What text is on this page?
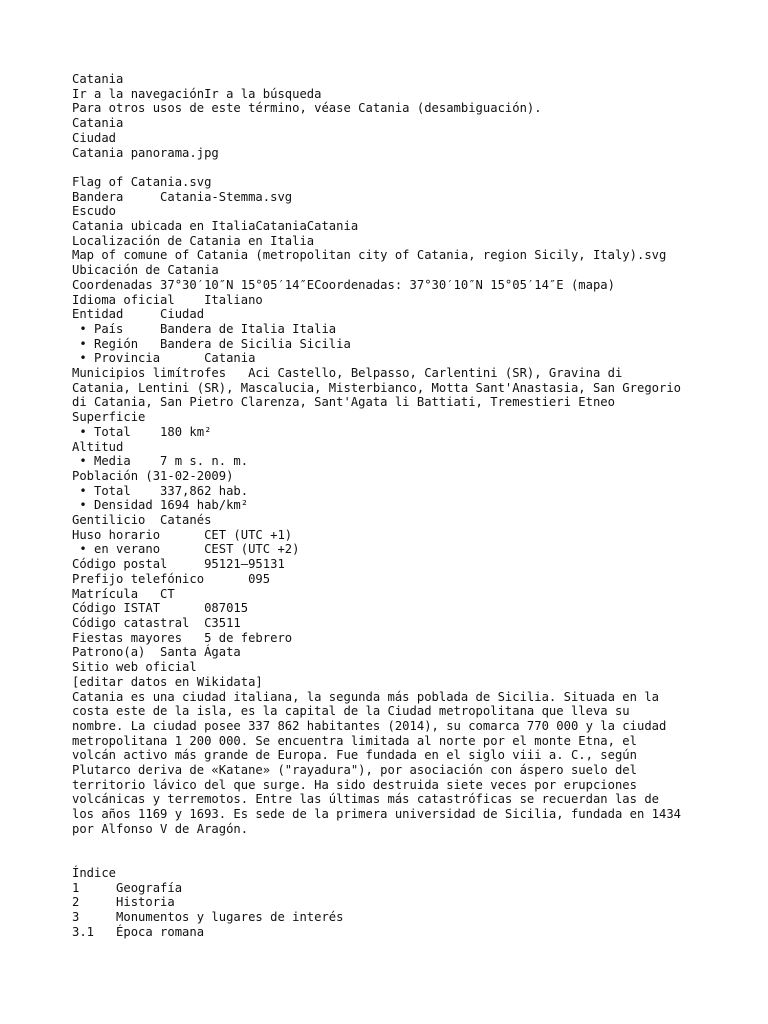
Catania
Ir a la navegaciónIr a la búsqueda
Para otros usos de este término, véase Catania (desambiguación).
Catania
Ciudad
Catania panorama.jpg
Flag of Catania.svg
Bandera     Catania-Stemma.svg
Escudo
Catania ubicada en ItaliaCataniaCatania
Localización de Catania en Italia
Map of comune of Catania (metropolitan city of Catania, region Sicily, Italy).svg
Ubicación de Catania
Coordenadas 37°30′10″N 15°05′14″ECoordenadas: 37°30′10″N 15°05′14″E (mapa)
Idioma oficial    Italiano
Entidad     Ciudad
• País     Bandera de Italia Italia
• Región   Bandera de Sicilia Sicilia
• Provincia      Catania
Municipios limítrofes   Aci Castello, Belpasso, Carlentini (SR), Gravina di
Catania, Lentini (SR), Mascalucia, Misterbianco, Motta Sant'Anastasia, San Gregorio
di Catania, San Pietro Clarenza, Sant'Agata li Battiati, Tremestieri Etneo
Superficie
• Total    180 km²
Altitud
• Media    7 m s. n. m.
Población (31-02-2009)
• Total    337,862 hab.
• Densidad 1694 hab/km²
Gentilicio  Catanés
Huso horario      CET (UTC +1)
• en verano      CEST (UTC +2)
Código postal     95121–95131
Prefijo telefónico      095
Matrícula   CT
Código ISTAT      087015
Código catastral  C3511
Fiestas mayores   5 de febrero
Patrono(a)  Santa Ágata
Sitio web oficial
[editar datos en Wikidata]
Catania es una ciudad italiana, la segunda más poblada de Sicilia. Situada en la
costa este de la isla, es la capital de la Ciudad metropolitana que lleva su
nombre. La ciudad posee 337 862 habitantes (2014), su comarca 770 000 y la ciudad
metropolitana 1 200 000. Se encuentra limitada al norte por el monte Etna, el
volcán activo más grande de Europa. Fue fundada en el siglo viii a. C., según
Plutarco deriva de «Katane» ("rayadura"), por asociación con áspero suelo del
territorio lávico del que surge. Ha sido destruida siete veces por erupciones
volcánicas y terremotos. Entre las últimas más catastróficas se recuerdan las de
los años 1169 y 1693. Es sede de la primera universidad de Sicilia, fundada en 1434
por Alfonso V de Aragón.
Índice
1     Geografía
2     Historia
3     Monumentos y lugares de interés
3.1   Época romana
